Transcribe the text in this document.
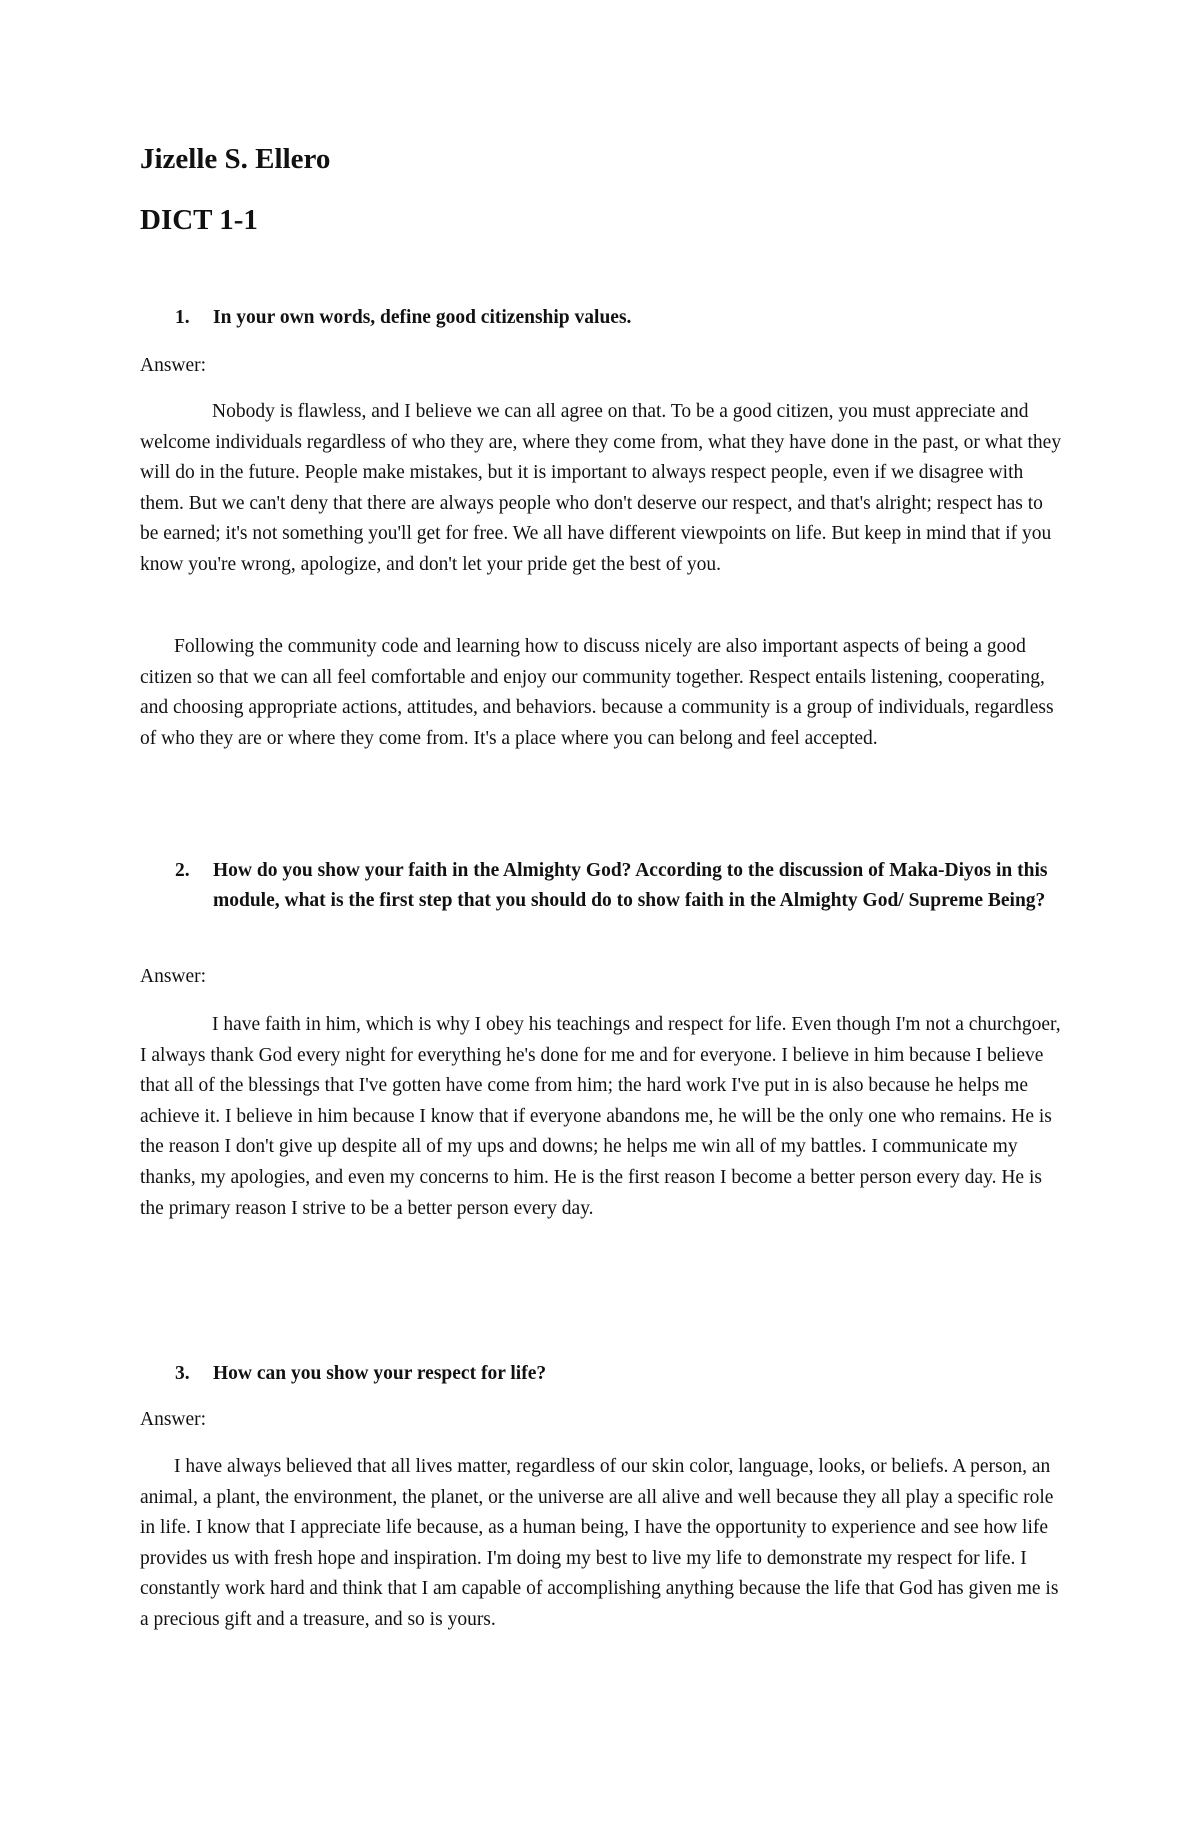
Jizelle S. Ellero
DICT 1-1
1. In your own words, define good citizenship values.
Answer:

Nobody is flawless, and I believe we can all agree on that. To be a good citizen, you must appreciate and welcome individuals regardless of who they are, where they come from, what they have done in the past, or what they will do in the future. People make mistakes, but it is important to always respect people, even if we disagree with them. But we can't deny that there are always people who don't deserve our respect, and that's alright; respect has to be earned; it's not something you'll get for free. We all have different viewpoints on life. But keep in mind that if you know you're wrong, apologize, and don't let your pride get the best of you.

Following the community code and learning how to discuss nicely are also important aspects of being a good citizen so that we can all feel comfortable and enjoy our community together. Respect entails listening, cooperating, and choosing appropriate actions, attitudes, and behaviors. because a community is a group of individuals, regardless of who they are or where they come from. It's a place where you can belong and feel accepted.

2. How do you show your faith in the Almighty God? According to the discussion of Maka-Diyos in this module, what is the first step that you should do to show faith in the Almighty God/ Supreme Being?
Answer:

I have faith in him, which is why I obey his teachings and respect for life. Even though I'm not a churchgoer, I always thank God every night for everything he's done for me and for everyone. I believe in him because I believe that all of the blessings that I've gotten have come from him; the hard work I've put in is also because he helps me achieve it. I believe in him because I know that if everyone abandons me, he will be the only one who remains. He is the reason I don't give up despite all of my ups and downs; he helps me win all of my battles. I communicate my thanks, my apologies, and even my concerns to him. He is the first reason I become a better person every day. He is the primary reason I strive to be a better person every day.

3. How can you show your respect for life?
Answer:

I have always believed that all lives matter, regardless of our skin color, language, looks, or beliefs. A person, an animal, a plant, the environment, the planet, or the universe are all alive and well because they all play a specific role in life. I know that I appreciate life because, as a human being, I have the opportunity to experience and see how life provides us with fresh hope and inspiration. I'm doing my best to live my life to demonstrate my respect for life. I constantly work hard and think that I am capable of accomplishing anything because the life that God has given me is a precious gift and a treasure, and so is yours.
